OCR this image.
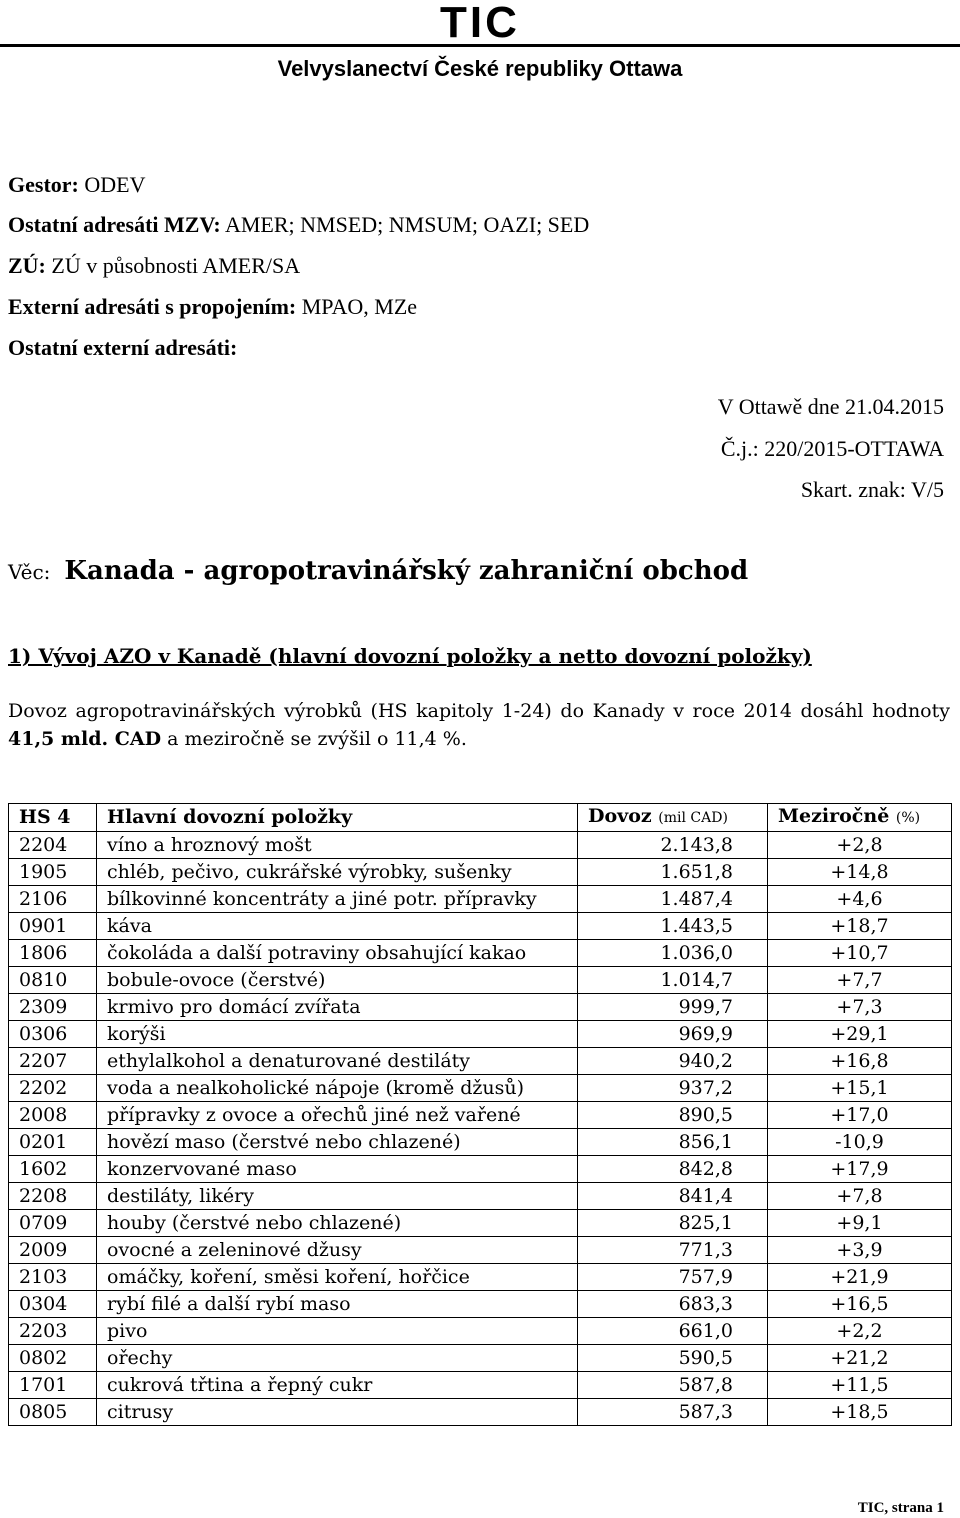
TIC
Velvyslanectví České republiky Ottawa
Gestor: ODEV
Ostatní adresáti MZV: AMER; NMSED; NMSUM; OAZI; SED
ZÚ: ZÚ v působnosti AMER/SA
Externí adresáti s propojením: MPAO, MZe
Ostatní externí adresáti:
V Ottawě dne 21.04.2015
Č.j.: 220/2015-OTTAWA
Skart. znak: V/5
Věc: Kanada - agropotravinářský zahraniční obchod
1) Vývoj AZO v Kanadě (hlavní dovozní položky a netto dovozní položky)
Dovoz agropotravinářských výrobků (HS kapitoly 1-24) do Kanady v roce 2014 dosáhl hodnoty 41,5 mld. CAD a meziročně se zvýšil o 11,4 %.
HS 4	Hlavní dovozní položky	Dovoz (mil CAD)	Meziročně (%)
2204	víno a hroznový mošt	2.143,8	+2,8
1905	chléb, pečivo, cukrářské výrobky, sušenky	1.651,8	+14,8
2106	bílkovinné koncentráty a jiné potr. přípravky	1.487,4	+4,6
0901	káva	1.443,5	+18,7
1806	čokoláda a další potraviny obsahující kakao	1.036,0	+10,7
0810	bobule-ovoce (čerstvé)	1.014,7	+7,7
2309	krmivo pro domácí zvířata	999,7	+7,3
0306	korýši	969,9	+29,1
2207	ethylalkohol a denaturované destiláty	940,2	+16,8
2202	voda a nealkoholické nápoje (kromě džusů)	937,2	+15,1
2008	přípravky z ovoce a ořechů jiné než vařené	890,5	+17,0
0201	hovězí maso (čerstvé nebo chlazené)	856,1	-10,9
1602	konzervované maso	842,8	+17,9
2208	destiláty, likéry	841,4	+7,8
0709	houby (čerstvé nebo chlazené)	825,1	+9,1
2009	ovocné a zeleninové džusy	771,3	+3,9
2103	omáčky, koření, směsi koření, hořčice	757,9	+21,9
0304	rybí filé a další rybí maso	683,3	+16,5
2203	pivo	661,0	+2,2
0802	ořechy	590,5	+21,2
1701	cukrová třtina a řepný cukr	587,8	+11,5
0805	citrusy	587,3	+18,5
TIC, strana 1
